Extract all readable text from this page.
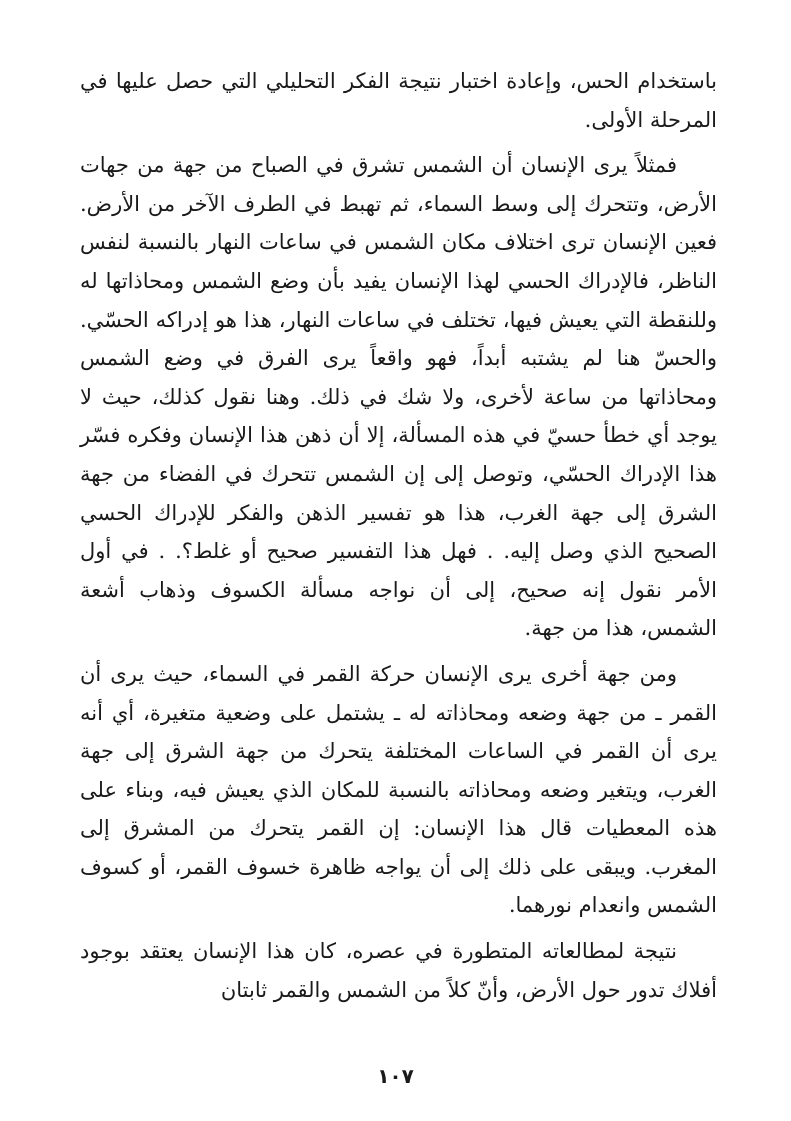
باستخدام الحس، وإعادة اختبار نتيجة الفكر التحليلي التي حصل عليها في المرحلة الأولى.

فمثلاً يرى الإنسان أن الشمس تشرق في الصباح من جهة من جهات الأرض، وتتحرك إلى وسط السماء، ثم تهبط في الطرف الآخر من الأرض. فعين الإنسان ترى اختلاف مكان الشمس في ساعات النهار بالنسبة لنفس الناظر، فالإدراك الحسي لهذا الإنسان يفيد بأن وضع الشمس ومحاذاتها له وللنقطة التي يعيش فيها، تختلف في ساعات النهار، هذا هو إدراكه الحسّي. والحسّ هنا لم يشتبه أبداً، فهو واقعاً يرى الفرق في وضع الشمس ومحاذاتها من ساعة لأخرى، ولا شك في ذلك. وهنا نقول كذلك، حيث لا يوجد أي خطأ حسيّ في هذه المسألة، إلا أن ذهن هذا الإنسان وفكره فسّر هذا الإدراك الحسّي، وتوصل إلى إن الشمس تتحرك في الفضاء من جهة الشرق إلى جهة الغرب، هذا هو تفسير الذهن والفكر للإدراك الحسي الصحيح الذي وصل إليه. . فهل هذا التفسير صحيح أو غلط؟. . في أول الأمر نقول إنه صحيح، إلى أن نواجه مسألة الكسوف وذهاب أشعة الشمس، هذا من جهة.

ومن جهة أخرى يرى الإنسان حركة القمر في السماء، حيث يرى أن القمر ـ من جهة وضعه ومحاذاته له ـ يشتمل على وضعية متغيرة، أي أنه يرى أن القمر في الساعات المختلفة يتحرك من جهة الشرق إلى جهة الغرب، ويتغير وضعه ومحاذاته بالنسبة للمكان الذي يعيش فيه، وبناء على هذه المعطيات قال هذا الإنسان: إن القمر يتحرك من المشرق إلى المغرب. ويبقى على ذلك إلى أن يواجه ظاهرة خسوف القمر، أو كسوف الشمس وانعدام نورهما.

نتيجة لمطالعاته المتطورة في عصره، كان هذا الإنسان يعتقد بوجود أفلاك تدور حول الأرض، وأنّ كلاً من الشمس والقمر ثابتان

١٠٧
